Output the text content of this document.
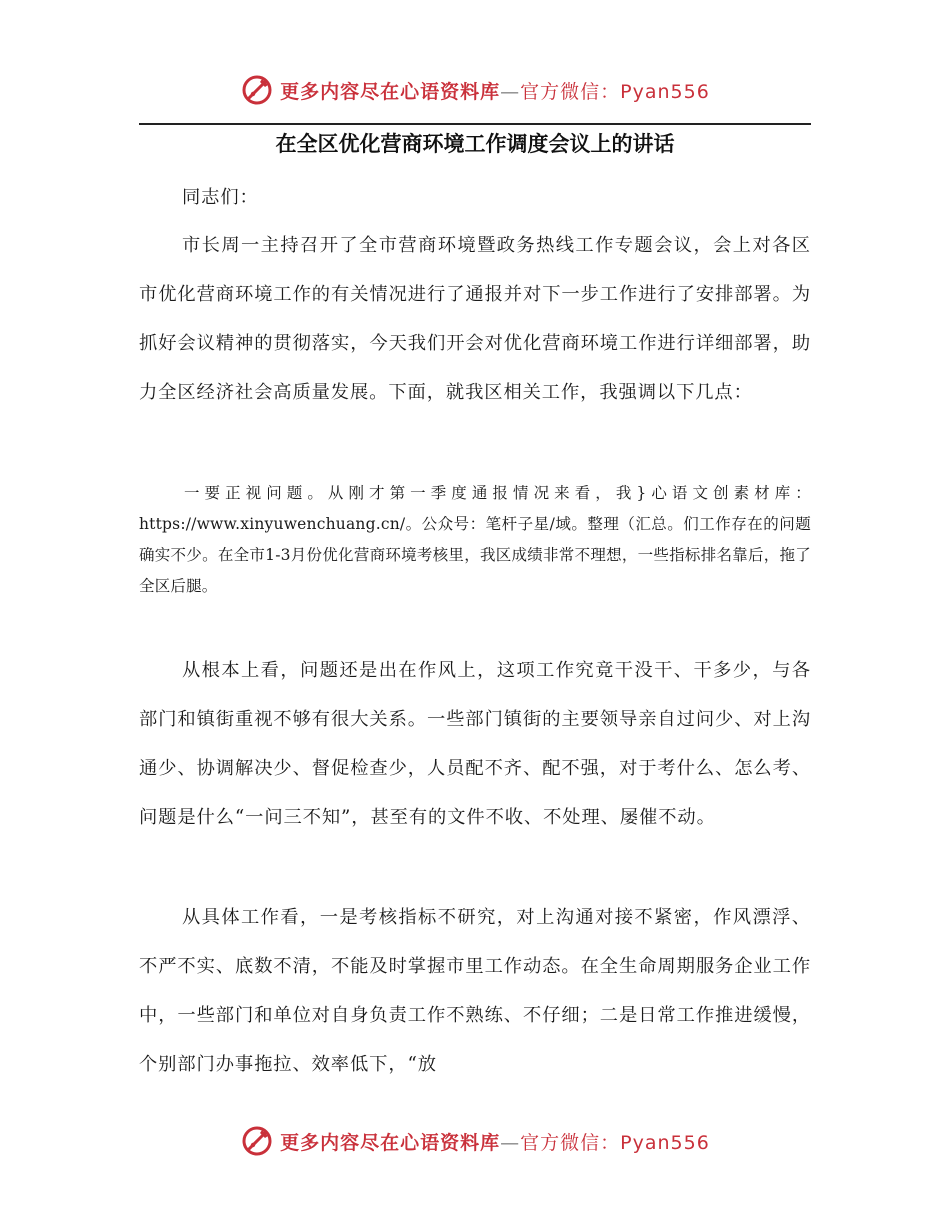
更多内容尽在心语资料库—官方微信：Pyan556
在全区优化营商环境工作调度会议上的讲话

同志们：

市长周一主持召开了全市营商环境暨政务热线工作专题会议，会上对各区市优化营商环境工作的有关情况进行了通报并对下一步工作进行了安排部署。为抓好会议精神的贯彻落实，今天我们开会对优化营商环境工作进行详细部署，助力全区经济社会高质量发展。下面，就我区相关工作，我强调以下几点：

一要正视问题。从刚才第一季度通报情况来看，我}心语文创素材库：https://www.xinyuwenchuang.cn/。公众号：笔杆子星/域。整理（汇总。们工作存在的问题确实不少。在全市1-3月份优化营商环境考核里，我区成绩非常不理想，一些指标排名靠后，拖了全区后腿。

从根本上看，问题还是出在作风上，这项工作究竟干没干、干多少，与各部门和镇街重视不够有很大关系。一些部门镇街的主要领导亲自过问少、对上沟通少、协调解决少、督促检查少，人员配不齐、配不强，对于考什么、怎么考、问题是什么“一问三不知”，甚至有的文件不收、不处理、屡催不动。

从具体工作看，一是考核指标不研究，对上沟通对接不紧密，作风漂浮、不严不实、底数不清，不能及时掌握市里工作动态。在全生命周期服务企业工作中，一些部门和单位对自身负责工作不熟练、不仔细；二是日常工作推进缓慢，个别部门办事拖拉、效率低下，“放

更多内容尽在心语资料库—官方微信：Pyan556
